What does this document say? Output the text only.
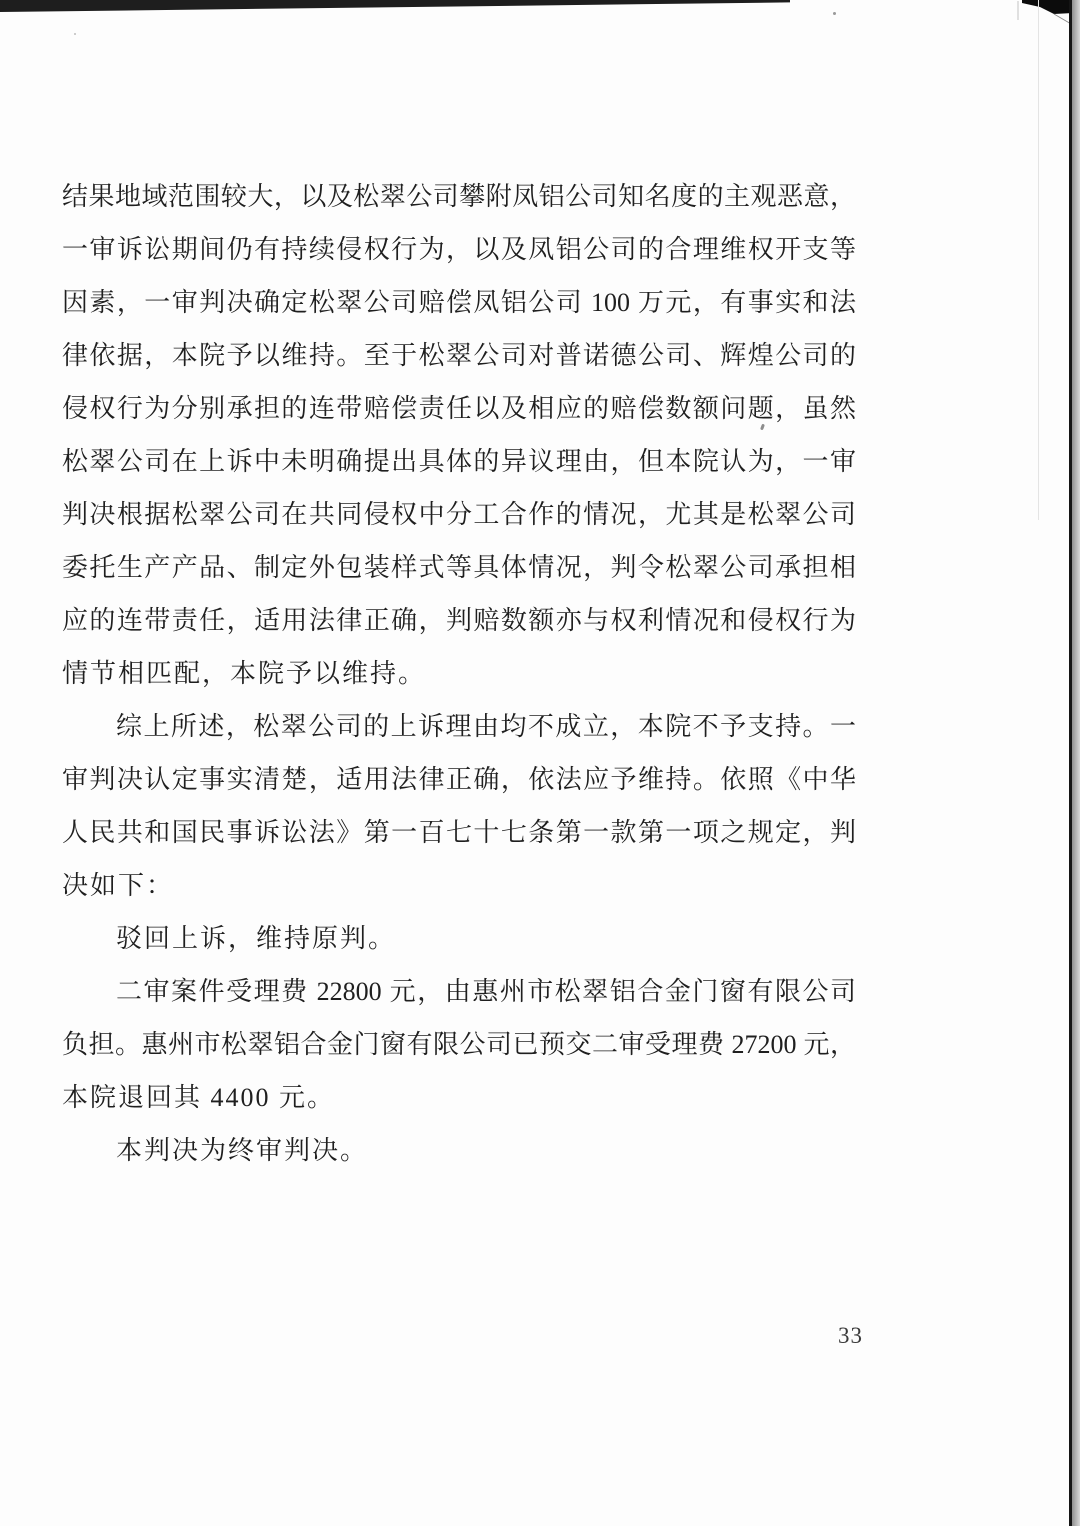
结果地域范围较大，以及松翠公司攀附凤铝公司知名度的主观恶意，
一审诉讼期间仍有持续侵权行为，以及凤铝公司的合理维权开支等
因素，一审判决确定松翠公司赔偿凤铝公司 100 万元，有事实和法
律依据，本院予以维持。至于松翠公司对普诺德公司、辉煌公司的
侵权行为分别承担的连带赔偿责任以及相应的赔偿数额问题，虽然
松翠公司在上诉中未明确提出具体的异议理由，但本院认为，一审
判决根据松翠公司在共同侵权中分工合作的情况，尤其是松翠公司
委托生产产品、制定外包装样式等具体情况，判令松翠公司承担相
应的连带责任，适用法律正确，判赔数额亦与权利情况和侵权行为
情节相匹配，本院予以维持。
综上所述，松翠公司的上诉理由均不成立，本院不予支持。一
审判决认定事实清楚，适用法律正确，依法应予维持。依照《中华
人民共和国民事诉讼法》第一百七十七条第一款第一项之规定，判
决如下：
驳回上诉，维持原判。
二审案件受理费 22800 元，由惠州市松翠铝合金门窗有限公司
负担。惠州市松翠铝合金门窗有限公司已预交二审受理费 27200 元，
本院退回其 4400 元。
本判决为终审判决。
33
